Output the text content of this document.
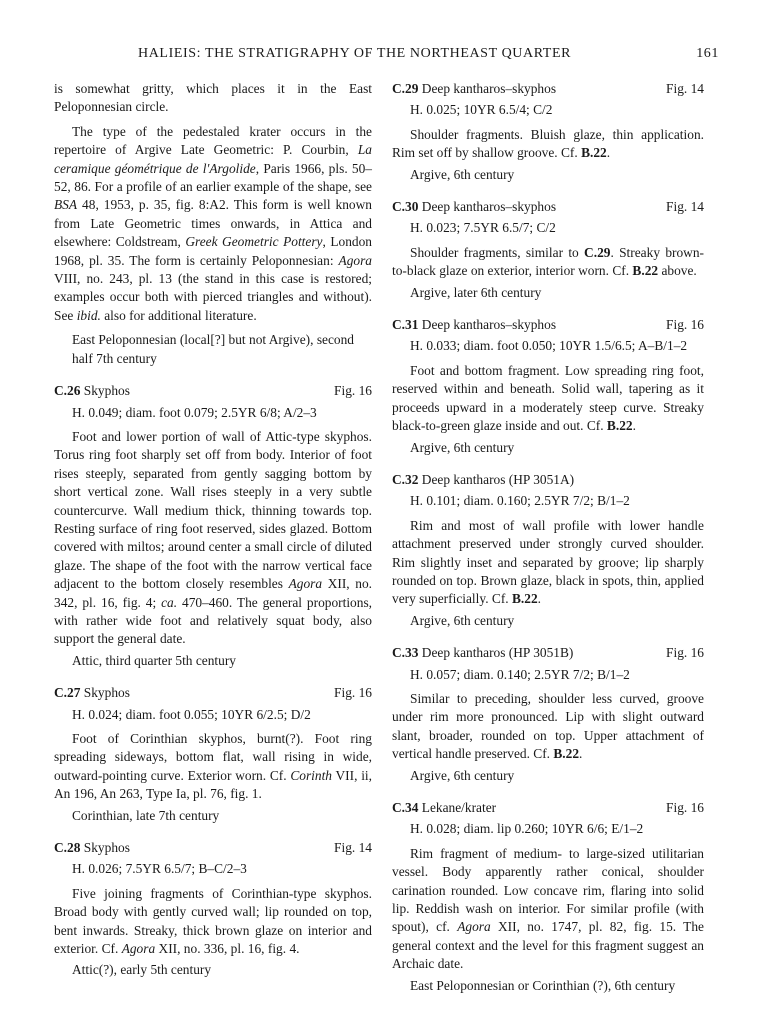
HALIEIS: THE STRATIGRAPHY OF THE NORTHEAST QUARTER	161

is somewhat gritty, which places it in the East Peloponnesian circle.

The type of the pedestaled krater occurs in the repertoire of Argive Late Geometric: P. Courbin, La ceramique géométrique de l'Argolide, Paris 1966, pls. 50–52, 86. For a profile of an earlier example of the shape, see BSA 48, 1953, p. 35, fig. 8:A2. This form is well known from Late Geometric times onwards, in Attica and elsewhere: Coldstream, Greek Geometric Pottery, London 1968, pl. 35. The form is certainly Peloponnesian: Agora VIII, no. 243, pl. 13 (the stand in this case is restored; examples occur both with pierced triangles and without). See ibid. also for additional literature.

East Peloponnesian (local[?] but not Argive), second half 7th century

C.26 Skyphos	Fig. 16
H. 0.049; diam. foot 0.079; 2.5YR 6/8; A/2–3
Foot and lower portion of wall of Attic-type skyphos. Torus ring foot sharply set off from body. Interior of foot rises steeply, separated from gently sagging bottom by short vertical zone. Wall rises steeply in a very subtle countercurve. Wall medium thick, thinning towards top. Resting surface of ring foot reserved, sides glazed. Bottom covered with miltos; around center a small circle of diluted glaze. The shape of the foot with the narrow vertical face adjacent to the bottom closely resembles Agora XII, no. 342, pl. 16, fig. 4; ca. 470–460. The general proportions, with rather wide foot and relatively squat body, also support the general date.
Attic, third quarter 5th century
C.27 Skyphos	Fig. 16
H. 0.024; diam. foot 0.055; 10YR 6/2.5; D/2
Foot of Corinthian skyphos, burnt(?). Foot ring spreading sideways, bottom flat, wall rising in wide, outward-pointing curve. Exterior worn. Cf. Corinth VII, ii, An 196, An 263, Type Ia, pl. 76, fig. 1.
Corinthian, late 7th century
C.28 Skyphos	Fig. 14
H. 0.026; 7.5YR 6.5/7; B–C/2–3
Five joining fragments of Corinthian-type skyphos. Broad body with gently curved wall; lip rounded on top, bent inwards. Streaky, thick brown glaze on interior and exterior. Cf. Agora XII, no. 336, pl. 16, fig. 4.
Attic(?), early 5th century
C.29 Deep kantharos–skyphos	Fig. 14
H. 0.025; 10YR 6.5/4; C/2
Shoulder fragments. Bluish glaze, thin application. Rim set off by shallow groove. Cf. B.22.
Argive, 6th century
C.30 Deep kantharos–skyphos	Fig. 14
H. 0.023; 7.5YR 6.5/7; C/2
Shoulder fragments, similar to C.29. Streaky brown-to-black glaze on exterior, interior worn. Cf. B.22 above.
Argive, later 6th century
C.31 Deep kantharos–skyphos	Fig. 16
H. 0.033; diam. foot 0.050; 10YR 1.5/6.5; A–B/1–2
Foot and bottom fragment. Low spreading ring foot, reserved within and beneath. Solid wall, tapering as it proceeds upward in a moderately steep curve. Streaky black-to-green glaze inside and out. Cf. B.22.
Argive, 6th century
C.32 Deep kantharos (HP 3051A)
H. 0.101; diam. 0.160; 2.5YR 7/2; B/1–2
Rim and most of wall profile with lower handle attachment preserved under strongly curved shoulder. Rim slightly inset and separated by groove; lip sharply rounded on top. Brown glaze, black in spots, thin, applied very superficially. Cf. B.22.
Argive, 6th century
C.33 Deep kantharos (HP 3051B)	Fig. 16
H. 0.057; diam. 0.140; 2.5YR 7/2; B/1–2
Similar to preceding, shoulder less curved, groove under rim more pronounced. Lip with slight outward slant, broader, rounded on top. Upper attachment of vertical handle preserved. Cf. B.22.
Argive, 6th century
C.34 Lekane/krater	Fig. 16
H. 0.028; diam. lip 0.260; 10YR 6/6; E/1–2
Rim fragment of medium- to large-sized utilitarian vessel. Body apparently rather conical, shoulder carination rounded. Low concave rim, flaring into solid lip. Reddish wash on interior. For similar profile (with spout), cf. Agora XII, no. 1747, pl. 82, fig. 15. The general context and the level for this fragment suggest an Archaic date.
East Peloponnesian or Corinthian (?), 6th century
